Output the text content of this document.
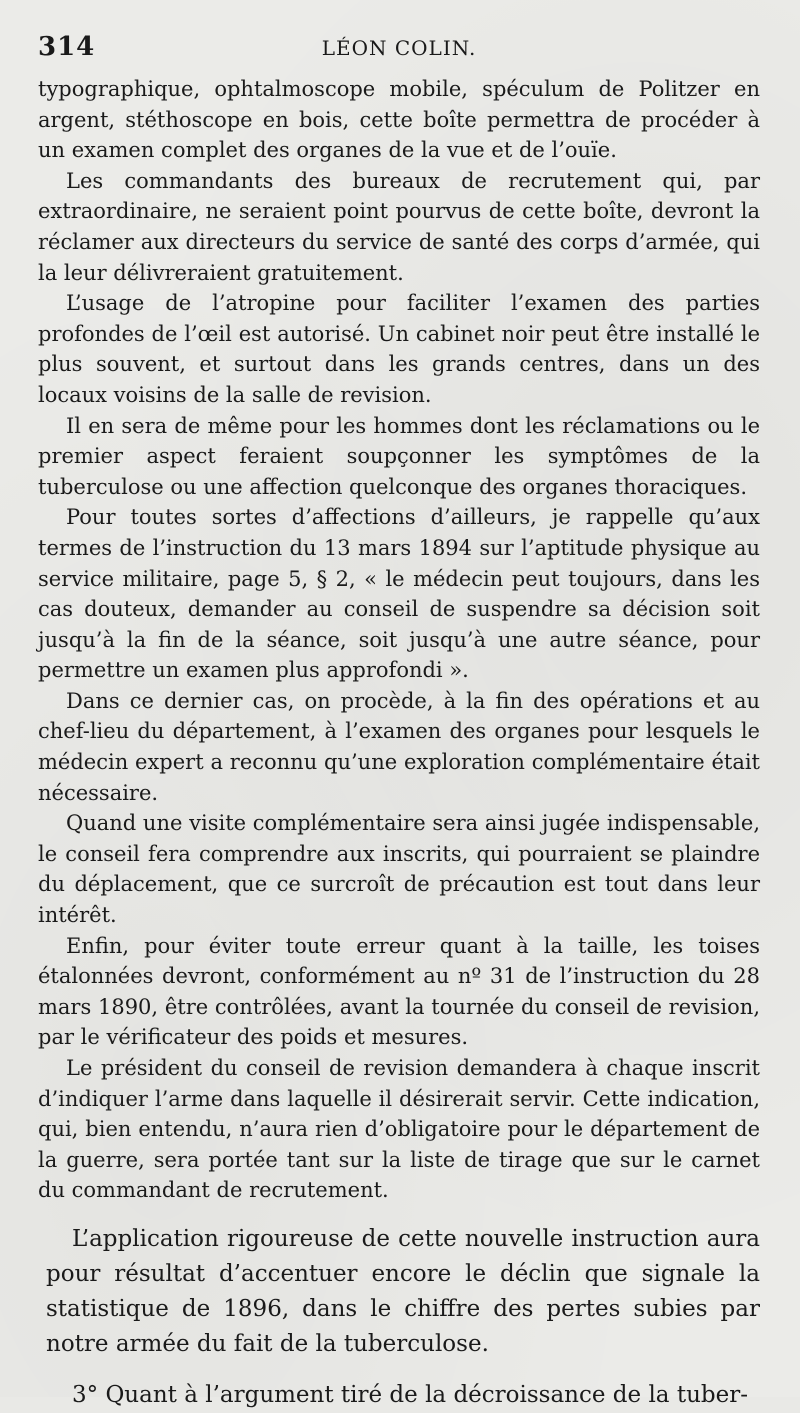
314	LÉON COLIN.

typographique, ophtalmoscope mobile, spéculum de Politzer en argent, stéthoscope en bois, cette boîte permettra de procéder à un examen complet des organes de la vue et de l’ouïe.

Les commandants des bureaux de recrutement qui, par extraordinaire, ne seraient point pourvus de cette boîte, devront la réclamer aux directeurs du service de santé des corps d’armée, qui la leur délivreraient gratuitement.

L’usage de l’atropine pour faciliter l’examen des parties profondes de l’œil est autorisé. Un cabinet noir peut être installé le plus souvent, et surtout dans les grands centres, dans un des locaux voisins de la salle de revision.

Il en sera de même pour les hommes dont les réclamations ou le premier aspect feraient soupçonner les symptômes de la tuberculose ou une affection quelconque des organes thoraciques.

Pour toutes sortes d’affections d’ailleurs, je rappelle qu’aux termes de l’instruction du 13 mars 1894 sur l’aptitude physique au service militaire, page 5, § 2, « le médecin peut toujours, dans les cas douteux, demander au conseil de suspendre sa décision soit jusqu’à la fin de la séance, soit jusqu’à une autre séance, pour permettre un examen plus approfondi ».

Dans ce dernier cas, on procède, à la fin des opérations et au chef-lieu du département, à l’examen des organes pour lesquels le médecin expert a reconnu qu’une exploration complémentaire était nécessaire.

Quand une visite complémentaire sera ainsi jugée indispensable, le conseil fera comprendre aux inscrits, qui pourraient se plaindre du déplacement, que ce surcroît de précaution est tout dans leur intérêt.

Enfin, pour éviter toute erreur quant à la taille, les toises étalonnées devront, conformément au nº 31 de l’instruction du 28 mars 1890, être contrôlées, avant la tournée du conseil de revision, par le vérificateur des poids et mesures.

Le président du conseil de revision demandera à chaque inscrit d’indiquer l’arme dans laquelle il désirerait servir. Cette indication, qui, bien entendu, n’aura rien d’obligatoire pour le département de la guerre, sera portée tant sur la liste de tirage que sur le carnet du commandant de recrutement.

L’application rigoureuse de cette nouvelle instruction aura pour résultat d’accentuer encore le déclin que signale la statistique de 1896, dans le chiffre des pertes subies par notre armée du fait de la tuberculose.

3° Quant à l’argument tiré de la décroissance de la tuber-
